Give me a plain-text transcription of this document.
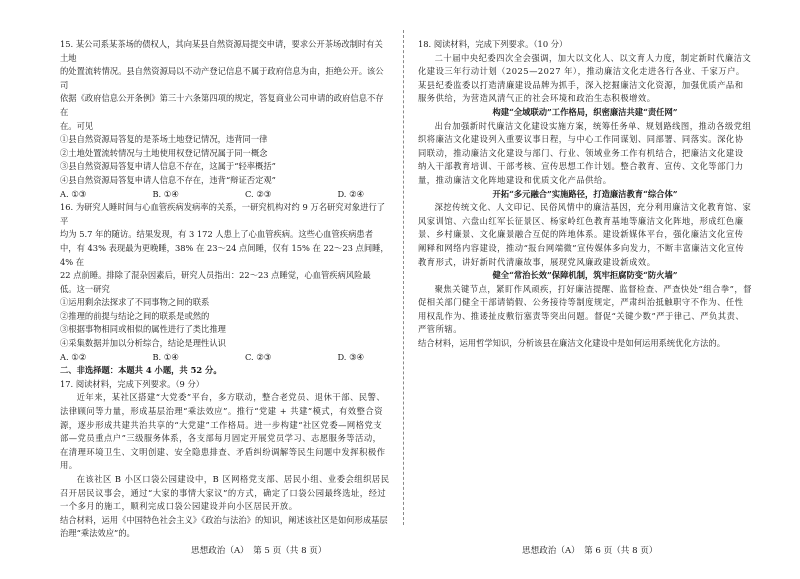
15. 某公司系某茶场的债权人，其向某县自然资源局提交申请，要求公开茶场改制时有关土地

的处置流转情况。县自然资源局以不动产登记信息不属于政府信息为由，拒绝公开。该公司

依据《政府信息公开条例》第三十六条第四项的规定，答复商业公司申请的政府信息不存在

在。可见

①县自然资源局答复的是茶场土地登记情况，违背同一律

②土地处置流转情况与土地使用权登记情况属于同一概念

③县自然资源局答复申请人信息不存在，这属于“轻率概括”

④县自然资源局答复申请人信息不存在，违背“辩证否定观”

A. ①③	B. ①④	C. ②③	D. ②④

16. 为研究人睡时间与心血管疾病发病率的关系，一研究机构对约 9 万名研究对象进行了平

均为 5.7 年的随访。结果发现，有 3 172 人患上了心血管疾病。这些心血管疾病患者

中，有 43% 表现最为更晚睡，38% 在 23～24 点间睡，仅有 15% 在 22～23 点间睡，4% 在

22 点前睡。排除了混杂因素后，研究人员指出：22～23 点睡觉，心血管疾病风险最

低。这一研究

①运用剩余法探求了不同事物之间的联系

②推理的前提与结论之间的联系是或然的

③根据事物相同或相似的属性进行了类比推理

④采集数据并加以分析综合，结论是理性认识

A. ①②	B. ①④	C. ②③	D. ③④

二、非选择题：本题共 4 小题，共 52 分。

17. 阅读材料，完成下列要求。（9 分）

近年来，某社区搭建“大党委”平台，多方联动，整合老党员、退休干部、民警、法律顾问等力量，形成基层治理“乘法效应”。推行“党建 + 共建”模式，有效整合资源，逐步形成共建共治共享的“大党建”工作格局。进一步构建“社区党委—网格党支部—党员重点户”三级服务体系，各支部每月固定开展党员学习、志愿服务等活动，在清理环境卫生、文明创建、安全隐患排查、矛盾纠纷调解等民生问题中发挥积极作用。

在该社区 B 小区口袋公园建设中，B 区网格党支部、居民小组、业委会组织居民召开居民议事会，通过“大家的事情大家议”的方式，确定了口袋公园最终选址，经过一个多月的施工，顺利完成口袋公园建设并向小区居民开放。

结合材料，运用《中国特色社会主义》《政治与法治》的知识，阐述该社区是如何形成基层治理“乘法效应”的。

18. 阅读材料，完成下列要求。（10 分）

二十届中央纪委四次全会强调，加大以文化人、以文育人力度，制定新时代廉洁文化建设三年行动计划（2025—2027 年），推动廉洁文化走进各行各业、千家万户。某县纪委监委以打造清廉建设品牌为抓手，深入挖掘廉洁文化资源，加强优质产品和服务供给，为营造风清气正的社会环境和政治生态积极增效。

构建“全域联动”工作格局，织密廉洁共建“责任网”

出台加强新时代廉洁文化建设实施方案，统筹任务单、规划路线图，推动各级党组织将廉洁文化建设列入重要议事日程，与中心工作同谋划、同部署、同落实。深化协同联动，推动廉洁文化建设与部门、行业、领域业务工作有机结合，把廉洁文化建设纳入干部教育培训、干部考核、宣传思想工作计划。整合教育、宣传、文化等部门力量，推动廉洁文化阵地建设和优质文化产品供给。

开拓“多元融合”实施路径，打造廉洁教育“综合体”

深挖传统文化、人文印记、民俗风情中的廉洁基因，充分利用廉洁文化教育馆、家风家训馆、六盘山红军长征景区、杨家岭红色教育基地等廉洁文化阵地，形成红色廉景、乡村廉景、文化廉景融合互促的阵地体系。建设新媒体平台，强化廉洁文化宣传阐释和网络内容建设，推动“报台网端微”宣传媒体多向发力，不断丰富廉洁文化宣传教育形式，讲好新时代清廉故事，展现党风廉政建设新成效。

健全“常治长效”保障机制，筑牢拒腐防变“防火墙”

聚焦关键节点，紧盯作风顽疾，打好廉洁提醒、监督检查、严查快处“组合拳”，督促相关部门健全干部请销假、公务接待等制度规定，严肃纠治抵触职守不作为、任性用权乱作为、推诿扯皮敷衍塞责等突出问题。督促“关键少数”严于律己、严负其责、严管所辖。

结合材料，运用哲学知识，分析该县在廉洁文化建设中是如何运用系统优化方法的。

思想政治（A）　第 5 页（共 8 页）	思想政治（A）　第 6 页（共 8 页）
